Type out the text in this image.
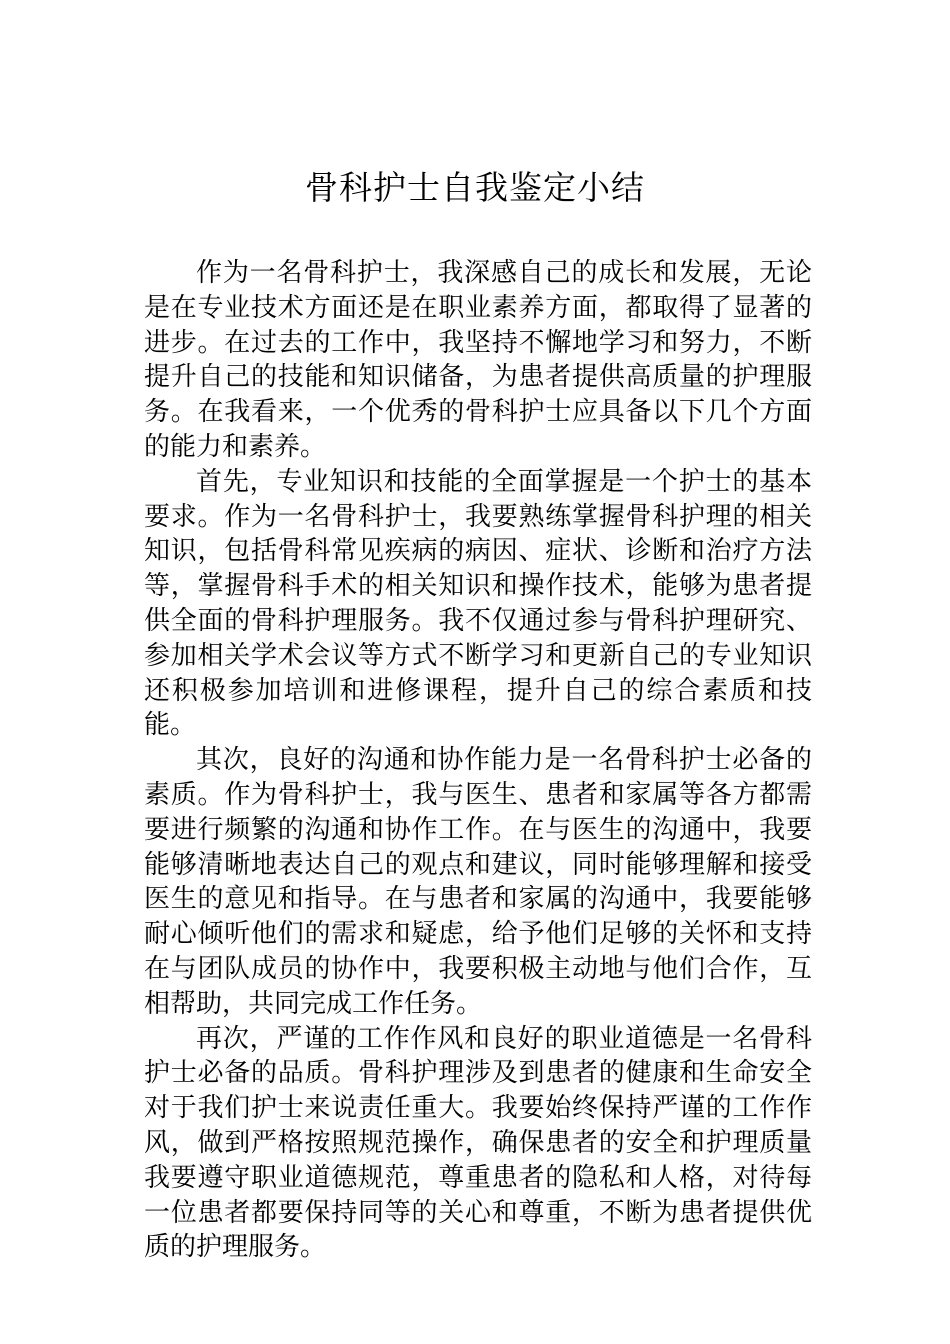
骨科护士自我鉴定小结

作为一名骨科护士，我深感自己的成长和发展，无论是在专业技术方面还是在职业素养方面，都取得了显著的进步。在过去的工作中，我坚持不懈地学习和努力，不断提升自己的技能和知识储备，为患者提供高质量的护理服务。在我看来，一个优秀的骨科护士应具备以下几个方面的能力和素养。

首先，专业知识和技能的全面掌握是一个护士的基本要求。作为一名骨科护士，我要熟练掌握骨科护理的相关知识，包括骨科常见疾病的病因、症状、诊断和治疗方法等，掌握骨科手术的相关知识和操作技术，能够为患者提供全面的骨科护理服务。我不仅通过参与骨科护理研究、参加相关学术会议等方式不断学习和更新自己的专业知识还积极参加培训和进修课程，提升自己的综合素质和技能。

其次，良好的沟通和协作能力是一名骨科护士必备的素质。作为骨科护士，我与医生、患者和家属等各方都需要进行频繁的沟通和协作工作。在与医生的沟通中，我要能够清晰地表达自己的观点和建议，同时能够理解和接受医生的意见和指导。在与患者和家属的沟通中，我要能够耐心倾听他们的需求和疑虑，给予他们足够的关怀和支持在与团队成员的协作中，我要积极主动地与他们合作，互相帮助，共同完成工作任务。

再次，严谨的工作作风和良好的职业道德是一名骨科护士必备的品质。骨科护理涉及到患者的健康和生命安全对于我们护士来说责任重大。我要始终保持严谨的工作作风，做到严格按照规范操作，确保患者的安全和护理质量我要遵守职业道德规范，尊重患者的隐私和人格，对待每一位患者都要保持同等的关心和尊重，不断为患者提供优质的护理服务。
